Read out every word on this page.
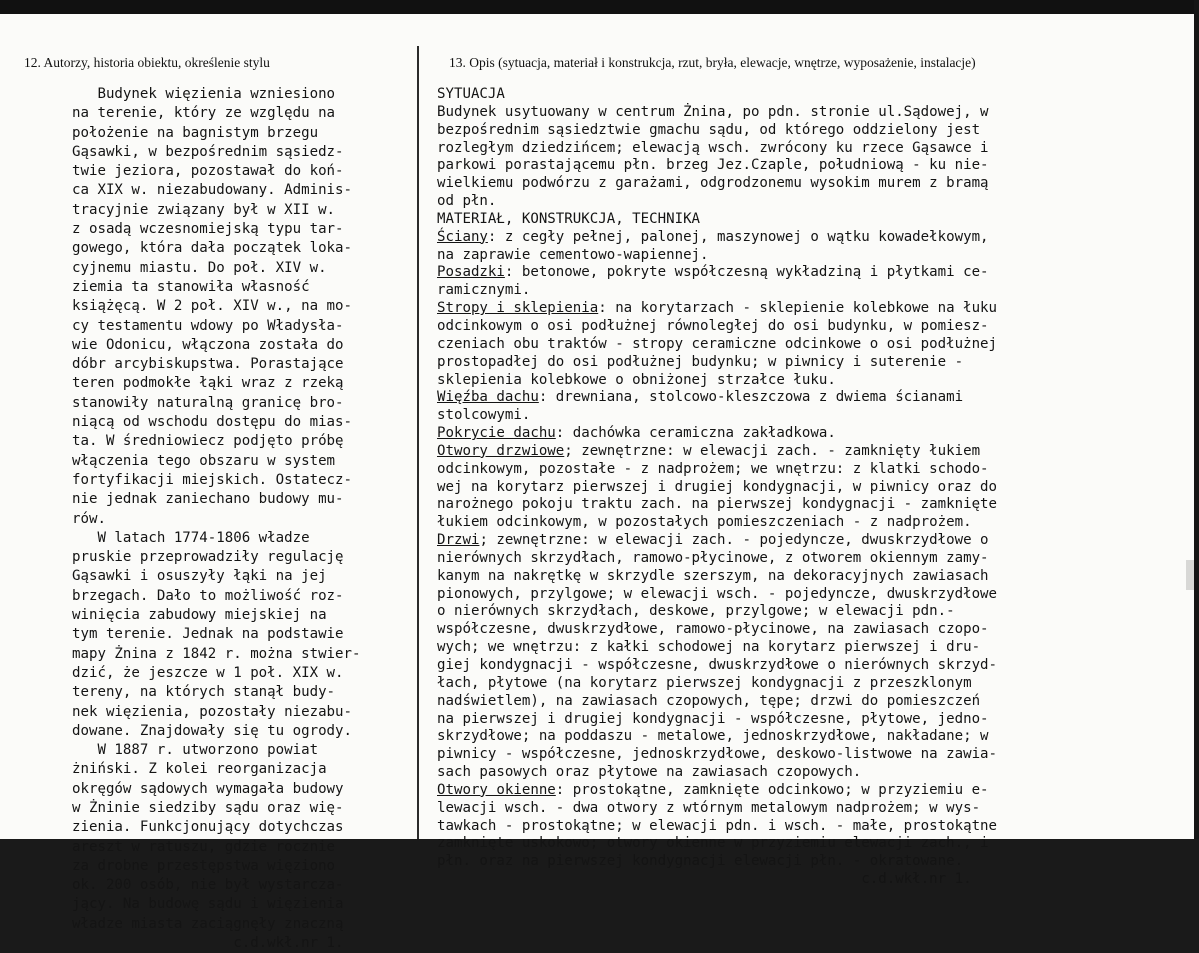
12. Autorzy, historia obiektu, określenie stylu	13. Opis (sytuacja, materiał i konstrukcja, rzut, bryła, elewacje, wnętrze, wyposażenie, instalacje)
Budynek więzienia wzniesiono
na terenie, który ze względu na
położenie na bagnistym brzegu
Gąsawki, w bezpośrednim sąsiedz-
twie jeziora, pozostawał do koń-
ca XIX w. niezabudowany. Adminis-
tracyjnie związany był w XII w.
z osadą wczesnomiejską typu tar-
gowego, która dała początek loka-
cyjnemu miastu. Do poł. XIV w.
ziemia ta stanowiła własność
książęcą. W 2 poł. XIV w., na mo-
cy testamentu wdowy po Władysła-
wie Odonicu, włączona została do
dóbr arcybiskupstwa. Porastające
teren podmokłe łąki wraz z rzeką
stanowiły naturalną granicę bro-
niącą od wschodu dostępu do mias-
ta. W średniowiecz podjęto próbę
włączenia tego obszaru w system
fortyfikacji miejskich. Ostatecz-
nie jednak zaniechano budowy mu-
rów.
W latach 1774-1806 władze
pruskie przeprowadziły regulację
Gąsawki i osuszyły łąki na jej
brzegach. Dało to możliwość roz-
winięcia zabudowy miejskiej na
tym terenie. Jednak na podstawie
mapy Żnina z 1842 r. można stwier-
dzić, że jeszcze w 1 poł. XIX w.
tereny, na których stanął budy-
nek więzienia, pozostały niezabu-
dowane. Znajdowały się tu ogrody.
W 1887 r. utworzono powiat
żniński. Z kolei reorganizacja
okręgów sądowych wymagała budowy
w Żninie siedziby sądu oraz wię-
zienia. Funkcjonujący dotychczas
areszt w ratuszu, gdzie rocznie
za drobne przestępstwa więziono
ok. 200 osób, nie był wystarcza-
jący. Na budowę sądu i więzienia
władze miasta zaciągnęły znaczną
c.d.wkł.nr 1.

SYTUACJA
Budynek usytuowany w centrum Żnina, po pdn. stronie ul.Sądowej, w
bezpośrednim sąsiedztwie gmachu sądu, od którego oddzielony jest
rozległym dziedzińcem; elewacją wsch. zwrócony ku rzece Gąsawce i
parkowi porastającemu płn. brzeg Jez.Czaple, południową - ku nie-
wielkiemu podwórzu z garażami, odgrodzonemu wysokim murem z bramą
od płn.
MATERIAŁ, KONSTRUKCJA, TECHNIKA
Ściany: z cegły pełnej, palonej, maszynowej o wątku kowadełkowym,
na zaprawie cementowo-wapiennej.
Posadzki: betonowe, pokryte współczesną wykładziną i płytkami ce-
ramicznymi.
Stropy i sklepienia: na korytarzach - sklepienie kolebkowe na łuku
odcinkowym o osi podłużnej równoległej do osi budynku, w pomiesz-
czeniach obu traktów - stropy ceramiczne odcinkowe o osi podłużnej
prostopadłej do osi podłużnej budynku; w piwnicy i suterenie -
sklepienia kolebkowe o obniżonej strzałce łuku.
Więźba dachu: drewniana, stolcowo-kleszczowa z dwiema ścianami
stolcowymi.
Pokrycie dachu: dachówka ceramiczna zakładkowa.
Otwory drzwiowe; zewnętrzne: w elewacji zach. - zamknięty łukiem
odcinkowym, pozostałe - z nadprożem; we wnętrzu: z klatki schodo-
wej na korytarz pierwszej i drugiej kondygnacji, w piwnicy oraz do
narożnego pokoju traktu zach. na pierwszej kondygnacji - zamknięte
łukiem odcinkowym, w pozostałych pomieszczeniach - z nadprożem.
Drzwi; zewnętrzne: w elewacji zach. - pojedyncze, dwuskrzydłowe o
nierównych skrzydłach, ramowo-płycinowe, z otworem okiennym zamy-
kanym na nakrętkę w skrzydle szerszym, na dekoracyjnych zawiasach
pionowych, przylgowe; w elewacji wsch. - pojedyncze, dwuskrzydłowe
o nierównych skrzydłach, deskowe, przylgowe; w elewacji pdn.-
współczesne, dwuskrzydłowe, ramowo-płycinowe, na zawiasach czopo-
wych; we wnętrzu: z kałki schodowej na korytarz pierwszej i dru-
giej kondygnacji - współczesne, dwuskrzydłowe o nierównych skrzyd-
łach, płytowe (na korytarz pierwszej kondygnacji z przeszklonym
nadświetlem), na zawiasach czopowych, tępe; drzwi do pomieszczeń
na pierwszej i drugiej kondygnacji - współczesne, płytowe, jedno-
skrzydłowe; na poddaszu - metalowe, jednoskrzydłowe, nakładane; w
piwnicy - współczesne, jednoskrzydłowe, deskowo-listwowe na zawia-
sach pasowych oraz płytowe na zawiasach czopowych.
Otwory okienne: prostokątne, zamknięte odcinkowo; w przyziemiu e-
lewacji wsch. - dwa otwory z wtórnym metalowym nadprożem; w wys-
tawkach - prostokątne; w elewacji pdn. i wsch. - małe, prostokątne
zamknięte uskokowo; otwory okienne w przyziemiu elewacji zach., i
płn. oraz na pierwszej kondygnacji elewacji płn. - okratowane.
c.d.wkł.nr 1.
